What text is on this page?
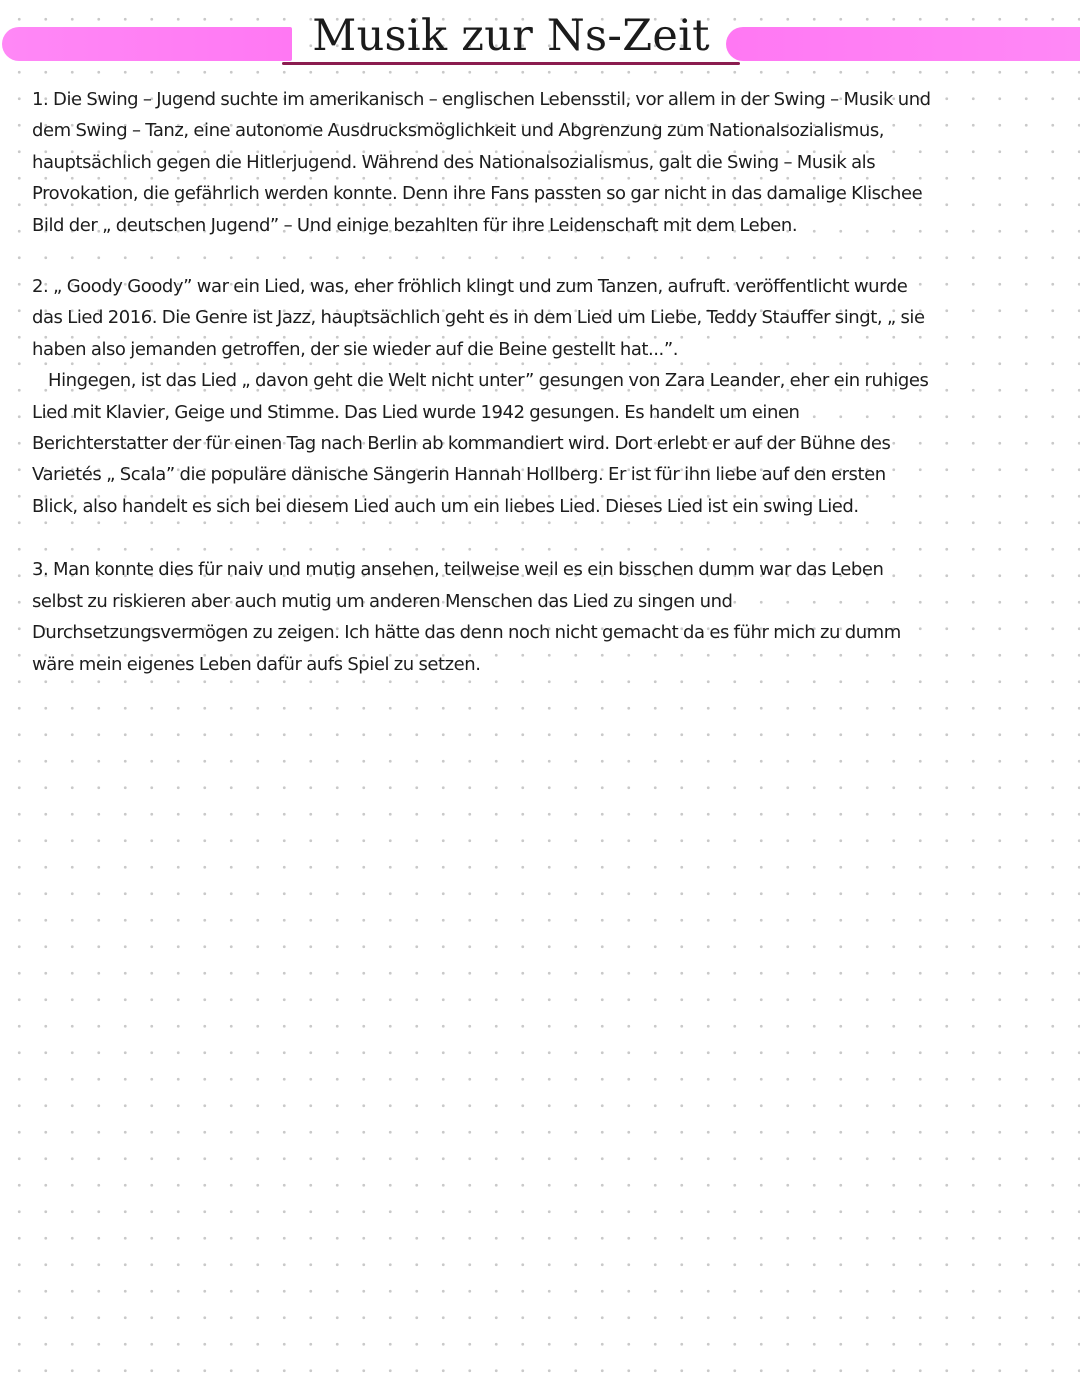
Musik zur Ns-Zeit

1. Die Swing – Jugend suchte im amerikanisch – englischen Lebensstil, vor allem in der Swing – Musik und dem Swing – Tanz, eine autonome Ausdrucksmöglichkeit und Abgrenzung zum Nationalsozialismus, hauptsächlich gegen die Hitlerjugend. Während des Nationalsozialismus, galt die Swing – Musik als Provokation, die gefährlich werden konnte. Denn ihre Fans passten so gar nicht in das damalige Klischee Bild der „ deutschen Jugend” – Und einige bezahlten für ihre Leidenschaft mit dem Leben.

2. „ Goody Goody” war ein Lied, was, eher fröhlich klingt und zum Tanzen, aufruft. veröffentlicht wurde das Lied 2016. Die Genre ist Jazz, hauptsächlich geht es in dem Lied um Liebe, Teddy Stauffer singt, „ sie haben also jemanden getroffen, der sie wieder auf die Beine gestellt hat...”.
Hingegen, ist das Lied „ davon geht die Welt nicht unter” gesungen von Zara Leander, eher ein ruhiges Lied mit Klavier, Geige und Stimme. Das Lied wurde 1942 gesungen. Es handelt um einen Berichterstatter der für einen Tag nach Berlin ab kommandiert wird. Dort erlebt er auf der Bühne des Varietés „ Scala” die populäre dänische Sängerin Hannah Hollberg. Er ist für ihn liebe auf den ersten Blick, also handelt es sich bei diesem Lied auch um ein liebes Lied. Dieses Lied ist ein swing Lied.

3. Man konnte dies für naiv und mutig ansehen, teilweise weil es ein bisschen dumm war das Leben selbst zu riskieren aber auch mutig um anderen Menschen das Lied zu singen und Durchsetzungsvermögen zu zeigen. Ich hätte das denn noch nicht gemacht da es führ mich zu dumm wäre mein eigenes Leben dafür aufs Spiel zu setzen.
